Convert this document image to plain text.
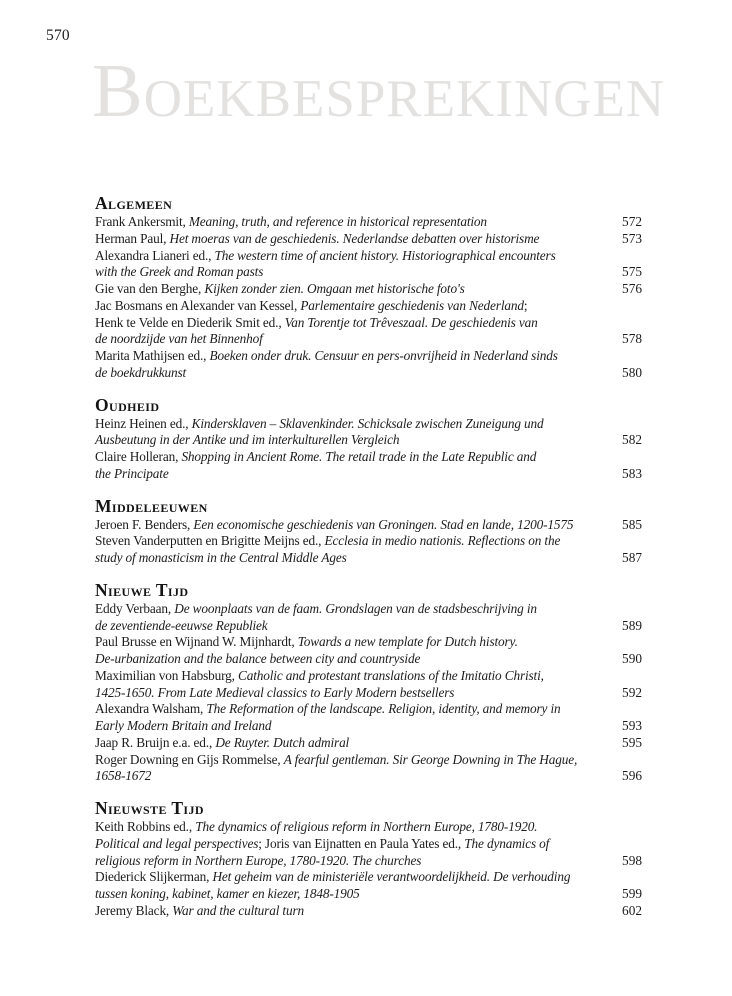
570
Boekbesprekingen
Algemeen
Frank Ankersmit, Meaning, truth, and reference in historical representation	572
Herman Paul, Het moeras van de geschiedenis. Nederlandse debatten over historisme	573
Alexandra Lianeri ed., The western time of ancient history. Historiographical encounters
with the Greek and Roman pasts	575
Gie van den Berghe, Kijken zonder zien. Omgaan met historische foto's	576
Jac Bosmans en Alexander van Kessel, Parlementaire geschiedenis van Nederland;
Henk te Velde en Diederik Smit ed., Van Torentje tot Trêveszaal. De geschiedenis van
de noordzijde van het Binnenhof	578
Marita Mathijsen ed., Boeken onder druk. Censuur en pers-onvrijheid in Nederland sinds
de boekdrukkunst	580
Oudheid
Heinz Heinen ed., Kindersklaven – Sklavenkinder. Schicksale zwischen Zuneigung und
Ausbeutung in der Antike und im interkulturellen Vergleich	582
Claire Holleran, Shopping in Ancient Rome. The retail trade in the Late Republic and
the Principate	583
Middeleeuwen
Jeroen F. Benders, Een economische geschiedenis van Groningen. Stad en lande, 1200-1575	585
Steven Vanderputten en Brigitte Meijns ed., Ecclesia in medio nationis. Reflections on the
study of monasticism in the Central Middle Ages	587
Nieuwe Tijd
Eddy Verbaan, De woonplaats van de faam. Grondslagen van de stadsbeschrijving in
de zeventiende-eeuwse Republiek	589
Paul Brusse en Wijnand W. Mijnhardt, Towards a new template for Dutch history.
De-urbanization and the balance between city and countryside	590
Maximilian von Habsburg, Catholic and protestant translations of the Imitatio Christi,
1425-1650. From Late Medieval classics to Early Modern bestsellers	592
Alexandra Walsham, The Reformation of the landscape. Religion, identity, and memory in
Early Modern Britain and Ireland	593
Jaap R. Bruijn e.a. ed., De Ruyter. Dutch admiral	595
Roger Downing en Gijs Rommelse, A fearful gentleman. Sir George Downing in The Hague,
1658-1672	596
Nieuwste Tijd
Keith Robbins ed., The dynamics of religious reform in Northern Europe, 1780-1920.
Political and legal perspectives; Joris van Eijnatten en Paula Yates ed., The dynamics of
religious reform in Northern Europe, 1780-1920. The churches	598
Diederick Slijkerman, Het geheim van de ministeriële verantwoordelijkheid. De verhouding
tussen koning, kabinet, kamer en kiezer, 1848-1905	599
Jeremy Black, War and the cultural turn	602
